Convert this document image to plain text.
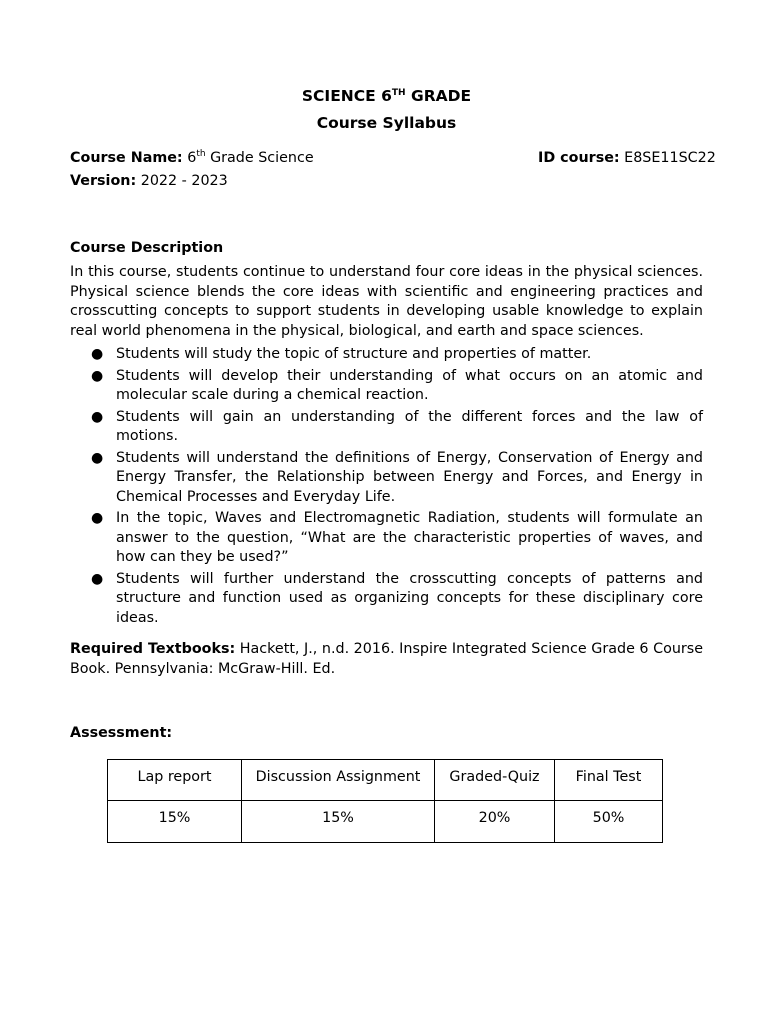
SCIENCE 6TH GRADE
Course Syllabus
Course Name: 6th Grade Science	ID course: E8SE11SC22
Version: 2022 - 2023
Course Description
In this course, students continue to understand four core ideas in the physical sciences. Physical science blends the core ideas with scientific and engineering practices and crosscutting concepts to support students in developing usable knowledge to explain real world phenomena in the physical, biological, and earth and space sciences.
● Students will study the topic of structure and properties of matter.
● Students will develop their understanding of what occurs on an atomic and molecular scale during a chemical reaction.
● Students will gain an understanding of the different forces and the law of motions.
● Students will understand the definitions of Energy, Conservation of Energy and Energy Transfer, the Relationship between Energy and Forces, and Energy in Chemical Processes and Everyday Life.
● In the topic, Waves and Electromagnetic Radiation, students will formulate an answer to the question, “What are the characteristic properties of waves, and how can they be used?”
● Students will further understand the crosscutting concepts of patterns and structure and function used as organizing concepts for these disciplinary core ideas.
Required Textbooks: Hackett, J., n.d. 2016. Inspire Integrated Science Grade 6 Course Book. Pennsylvania: McGraw-Hill. Ed.
Assessment:
Lap report	Discussion Assignment	Graded-Quiz	Final Test
15%	15%	20%	50%
